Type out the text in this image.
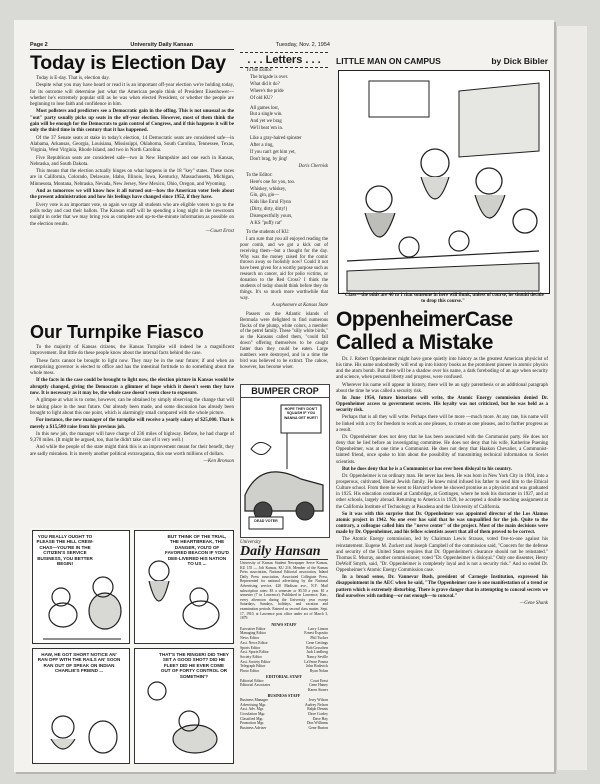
Page 2	University Daily Kansan	Tuesday, Nov. 2, 1954
Today is Election Day

Today is E-day. That is, election day.

Despite what you may have heard or read it is an important off-year election we're holding today, for its outcome will determine just what the American people think of President Eisenhower—whether he's extremely popular still as he was when elected President, or whether the people are beginning to lose faith and confidence in him.

Most pollsters and predicters see a Democratic gain in the offing. This is not unusual as the "out" party usually picks up seats in the off-year election. However, most of them think the gain will be enough for the Democrats to gain control of Congress, and if this happens it will be only the third time in this century that it has happened.

Of the 37 Senate seats at stake in today's election, 14 Democratic seats are considered safe—in Alabama, Arkansas, Georgia, Louisiana, Mississippi, Oklahoma, South Carolina, Tennessee, Texas, Virginia, West Virginia, Rhode Island, and two in North Carolina.

Five Republican seats are considered safe—two in New Hampshire and one each in Kansas, Nebraska, and South Dakota.

This means that the election actually hinges on what happens in the 18 "key" states. These races are in California, Colorado, Delaware, Idaho, Illinois, Iowa, Kentucky, Massachusetts, Michigan, Minnesota, Montana, Nebraska, Nevada, New Jersey, New Mexico, Ohio, Oregon, and Wyoming.

And as tomorrow we will know how it all turned out—how the American voter feels about the present administration and how his feelings have changed since 1952, if they have.

Every vote is an important vote, so again we urge all students who are eligible voters to go to the polls today and cast their ballots. The Kansan staff will be spending a long night in the newsroom tonight in order that we may bring you as complete and up-to-the-minute information as possible on the election results.

—Court Ernst
Our Turnpike Fiasco

To the majority of Kansas citizens, the Kansas Turnpike will indeed be a magnificent improvement. But little do these people know about the internal facts behind the case.

These facts cannot be brought to light now. They may be in the near future; if and when an enterprising governor is elected to office and has the intestinal fortitude to do something about the whole mess.

If the facts in the case could be brought to light now, the election picture in Kansas would be abruptly changed, giving the Democrats a glimmer of hope which it doesn't seem they have now. It is necessary as it may be, the whole case doesn't seem close to exposure.

A glimpse at what is to come, however, can be obtained by simply observing the change that will be taking place in the near future. Our already been made, and some discussion has already been brought to light about this one point, which is alarmingly small compared with the whole picture.

For instance, the new manager of the turnpike will receive a yearly salary of $25,000. That is merely a $15,500 raise from his previous job.

In this new job, the manager will have charge of 236 miles of highway. Before, he had charge of 9,370 miles. (It might be argued, too, that he didn't take care of it very well.)

And while the people of the state might think this is an improvement meant for their benefit, they are sadly mistaken. It is merely another political extravaganza, this one worth millions of dollars.

—Ken Bronson
YOU REALLY OUGHT TO PLEASE THE HILL CREW-CHAS—YOU'RE IN THE CITIZEN'S SERVICE BUSINESS, YOU BETTER BEGIN!
BUT THINK OF THE TRIAL, THE HEARTBREAK, THE DANGER, YOU'D OF FAVORED BEACON IF YOU'D DEE-LIVERED HIS NATION TO US ...
HAW, HE GOT SHORT NOTICE AN' RAN OFF WITH THE RAILS AN' SOON RAN OUT OF SPEAK ON INDIAN CHARLIE'S FRIEND ...
THAT'S THE RINGER! DID THEY SET A GOOD SHOT? DID HE FLEE? DID HE EVER COME OUT OF FORTY CONTROL OR SOMETHIN'?
. . . Letters . . .

To the Editor:

The brigade is over.
What did it do?
Where's the pride
Of old KU?

All games lost,
But a single win.
And yet we brag
We'll beat 'em in.

Like a gray-haired spinster
After a ring,
If you can't get him yet,
Don't brag, by jing!
Doris Chernisk

To the Editor:

Here's one for you, too.
Whiskey, whiskey,
Gin, gin, gin—
Kids like Errol Flynn
(Dirty, dirty, dirty!)
Disrespectfully yours,
A KS "puffy rat"

To the students of KU:

I am sure that you all enjoyed reading the poor comb, and we got a kick out of receiving them—but a thought for the day. Why was the money raised for the comic thrown away so foolishly now? Could it not have been given for a worthy purpose such as research on cancer, aid for polio victims, or donation to the Red Cross? I think the students of today should think before they do things. It's so much more worthwhile that way.

A sophomore at Kansas State

Passers on the Atlantic islands of Bermuda were delighted to find numerous flocks of the plump, white colors, a member of the petrel family. These "silly white birds," as the Kansans called them, "could fall down" offering themselves to be caught faster than they could be eaten. Large numbers were destroyed, and in a time the bird was believed to be extinct. The cahow, however, has become wiser.

BUMPER CROP
HOPE THEY DON'T SQUASH IF YOU WANNA GET HURT!
DEAD VOTER
University
Daily Hansan
University of Kansas Student Newspaper Serve Kansas, KU 155 — Jolt Kansas, KU 216. Member of the Kansas Press association, National Editorial association, Inland Daily Press association, Associated Collegiate Press, Represented for national advertising by the National Advertising service, 420 Madison ave., N.Y. Mail subscription rates: $3 a semester or $5.50 a year. $1 a semester (7 in Lawrence). Published in Lawrence, Kan., every afternoon during the University year except Saturdays, Sundays, holidays, and vacation and examination periods. Entered as second class matter, Sept. 17, 1910, at Lawrence post office under act of March 3, 1879.
NEWS STAFF
Executive Editor	Larry Linson
Managing Editor	Ernest Esposito
News Editor	Phil Tucker
Asst. News Editor	Gene Gettings
Sports Editor	Bob Gruschen
Asst. Sports Editor	Jack Lindberg
Society Editor	Nancy Seville
Asst. Society Editor	LaVerne Pasma
Telegraph Editor	John Roderick
Photo Editor	Ryan Nolan
EDITORIAL STAFF
Editorial Editor	Court Ernst
Editorial Associates	Gene Haney
Karen Stoner
BUSINESS STAFF
Business Manager	Jerry Wilson
Advertising Mgr.	Audrey Nelson
Asst. Adv. Mgr.	Ralph Dennis
Circulation Mgr.	Dave Conley
Classified Mgr.	Dave Hay
Promotion Mgr.	Don Williams
Business Adviser	Gene Burton
LITTLE MAN ON CAMPUS	by Dick Bibler
"Class—the odds are 40 to 1 that someone in here will flunk, unless of course, he should decide to drop this course."
OppenheimerCase
Called a Mistake

Dr. J. Robert Oppenheimer might have gone quietly into history as the greatest American physicist of his time. His name undoubtedly will end up into history books as the prominent pioneer in atomic physics and the atom bomb. But there will be a shadow over his name, a dark foreboding of an age when security and science, when personal liberty and progress, were confused.

Wherever his name will appear in history, there will be an ugly parenthesis or an additional paragraph about the time he was called a security risk.

In June 1954, future historians will write, the Atomic Energy commission denied Dr. Oppenheimer access to government secrets. His loyalty was not criticized, but he was held as a security risk.

Perhaps that is all they will write. Perhaps there will be more —much more. At any rate, his name will be linked with a cry for freedom to work as one pleases, to create as one pleases, and to further progress as a result.

Dr. Oppenheimer does not deny that he has been associated with the Communist party. He does not deny that he lied before an investigating committee. He does not deny that his wife, Katherine Puening Oppenheimer, was at one time a Communist. He does not deny that Haakon Chevalier, a Communist-tainted friend, once spoke to him about the possibility of transmitting technical information to Soviet scientists.

But he does deny that he is a Communist or has ever been disloyal to his country.

Dr. Oppenheimer is no ordinary man. He never has been. He was born in New York City in 1904, into a prosperous, cultivated, liberal Jewish family. He knew mind infused his father to send him to the Ethical Culture school. From there he went to Harvard where he showed promise as a physicist and was graduated in 1925. His education continued at Cambridge, at Gottingen, where he took his doctorate in 1927, and at other schools, largely abroad. Returning to America in 1929, he accepted a double teaching assignment at the California Institute of Technology at Pasadena and the University of California.

So it was with this surprise that Dr. Oppenheimer was appointed director of the Los Alamos atomic project in 1942. No one ever has said that he was unqualified for the job. Quite to the contrary, a colleague called him the "nerve center" of the project. Most of the main decisions were made by Dr. Oppenheimer, and his fellow scientists assert that all of them proved to be correct.

The Atomic Energy commission, led by Chairman Lewis Strauss, voted five-to-one against his reinstatement. Eugene M. Zuckert and Joseph Campbell of the commission said, "Concern for the defense and security of the United States requires that Dr. Oppenheimer's clearance should not be reinstated." Thomas E. Murray, another commissioner, voted "Dr. Oppenheimer is disloyal." Only one dissenter, Henry DeWolf Smyth, said, "Dr. Oppenheimer is completely loyal and is not a security risk." And so ended Dr. Oppenheimer's Atomic Energy Commission case.

In a broad sense, Dr. Vannevar Bush, president of Carnegie Institution, expressed his disappointment in the AEC when he said, "The Oppenheimer case is one manifestation of a trend or pattern which is extremely disturbing. There is grave danger that in attempting to conceal secrets we find ourselves with nothing—or not enough—to conceal."

—Gene Shank
